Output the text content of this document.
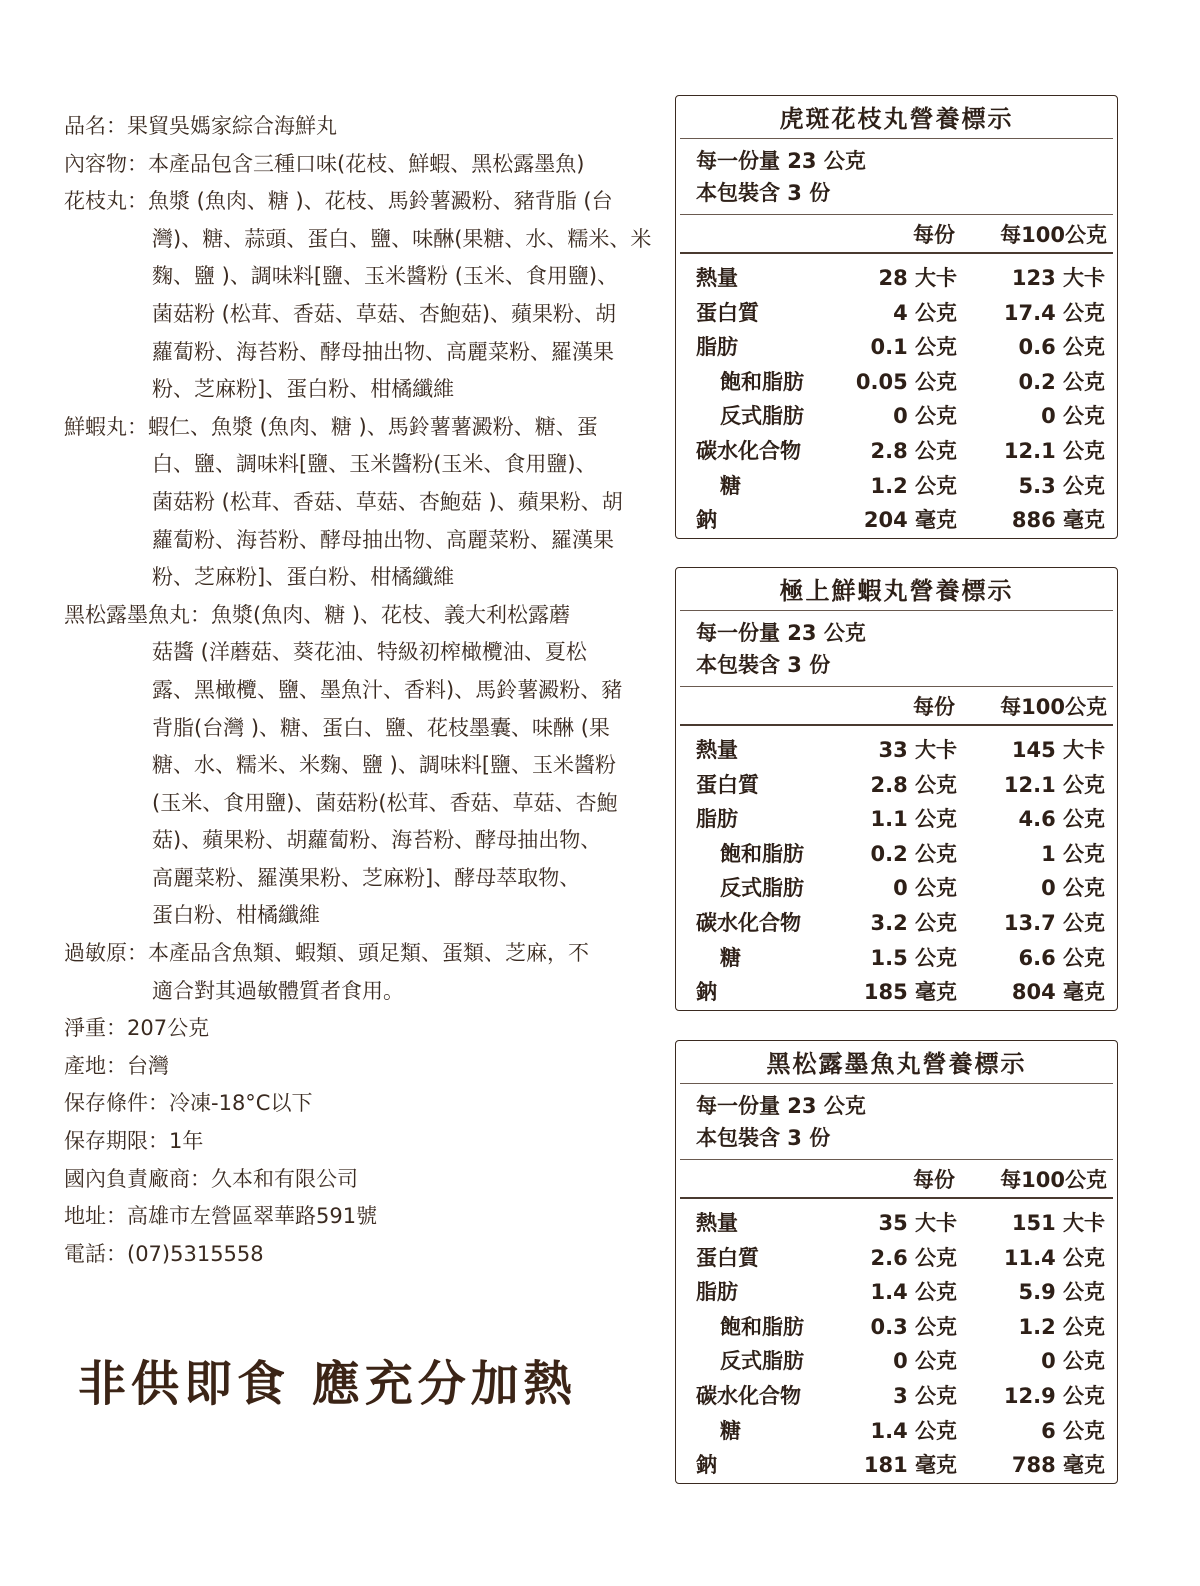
品名： 果貿吳媽家綜合海鮮丸
內容物： 本產品包含三種口味(花枝、鮮蝦、黑松露墨魚)
花枝丸： 魚漿 (魚肉、糖 )、花枝、馬鈴薯澱粉、豬背脂 (台
灣)、糖、蒜頭、蛋白、鹽、味醂(果糖、水、糯米、米
麴、鹽 )、調味料[鹽、玉米醬粉 (玉米、食用鹽)、
菌菇粉 (松茸、香菇、草菇、杏鮑菇)、蘋果粉、胡
蘿蔔粉、海苔粉、酵母抽出物、高麗菜粉、羅漢果
粉、芝麻粉]、蛋白粉、柑橘纖維
鮮蝦丸： 蝦仁、魚漿 (魚肉、糖 )、馬鈴薯薯澱粉、糖、蛋
白、鹽、調味料[鹽、玉米醬粉(玉米、食用鹽)、
菌菇粉 (松茸、香菇、草菇、杏鮑菇 )、蘋果粉、胡
蘿蔔粉、海苔粉、酵母抽出物、高麗菜粉、羅漢果
粉、芝麻粉]、蛋白粉、柑橘纖維
黑松露墨魚丸： 魚漿(魚肉、糖 )、花枝、義大利松露蘑
菇醬 (洋蘑菇、葵花油、特級初榨橄欖油、夏松
露、黑橄欖、鹽、墨魚汁、香料)、馬鈴薯澱粉、豬
背脂(台灣 )、糖、蛋白、鹽、花枝墨囊、味醂 (果
糖、水、糯米、米麴、鹽 )、調味料[鹽、玉米醬粉
(玉米、食用鹽)、菌菇粉(松茸、香菇、草菇、杏鮑
菇)、蘋果粉、胡蘿蔔粉、海苔粉、酵母抽出物、
高麗菜粉、羅漢果粉、芝麻粉]、酵母萃取物、
蛋白粉、柑橘纖維
過敏原： 本產品含魚類、蝦類、頭足類、蛋類、芝麻，不
適合對其過敏體質者食用。
淨重： 207公克
產地： 台灣
保存條件： 冷凍-18°C以下
保存期限： 1年
國內負責廠商： 久本和有限公司
地址： 高雄市左營區翠華路591號
電話： (07)5315558
非供即食 應充分加熱
虎斑花枝丸營養標示
每一份量 23 公克
本包裝含 3 份
每份 每100公克
熱量	28 大卡	123 大卡
蛋白質	4 公克 17.4 公克
脂肪	0.1 公克	0.6 公克
飽和脂肪 0.05 公克	0.2 公克
反式脂肪	0 公克	0 公克
碳水化合物	2.8 公克 12.1 公克
糖	1.2 公克	5.3 公克
鈉	204 毫克	886 毫克
極上鮮蝦丸營養標示
每一份量 23 公克
本包裝含 3 份
每份 每100公克
熱量	33 大卡	145 大卡
蛋白質	2.8 公克 12.1 公克
脂肪	1.1 公克	4.6 公克
飽和脂肪	0.2 公克	1 公克
反式脂肪	0 公克	0 公克
碳水化合物	3.2 公克 13.7 公克
糖	1.5 公克	6.6 公克
鈉	185 毫克	804 毫克
黑松露墨魚丸營養標示
每一份量 23 公克
本包裝含 3 份
每份 每100公克
熱量	35 大卡	151 大卡
蛋白質	2.6 公克 11.4 公克
脂肪	1.4 公克	5.9 公克
飽和脂肪	0.3 公克	1.2 公克
反式脂肪	0 公克	0 公克
碳水化合物	3 公克 12.9 公克
糖	1.4 公克	6 公克
鈉	181 毫克	788 毫克
